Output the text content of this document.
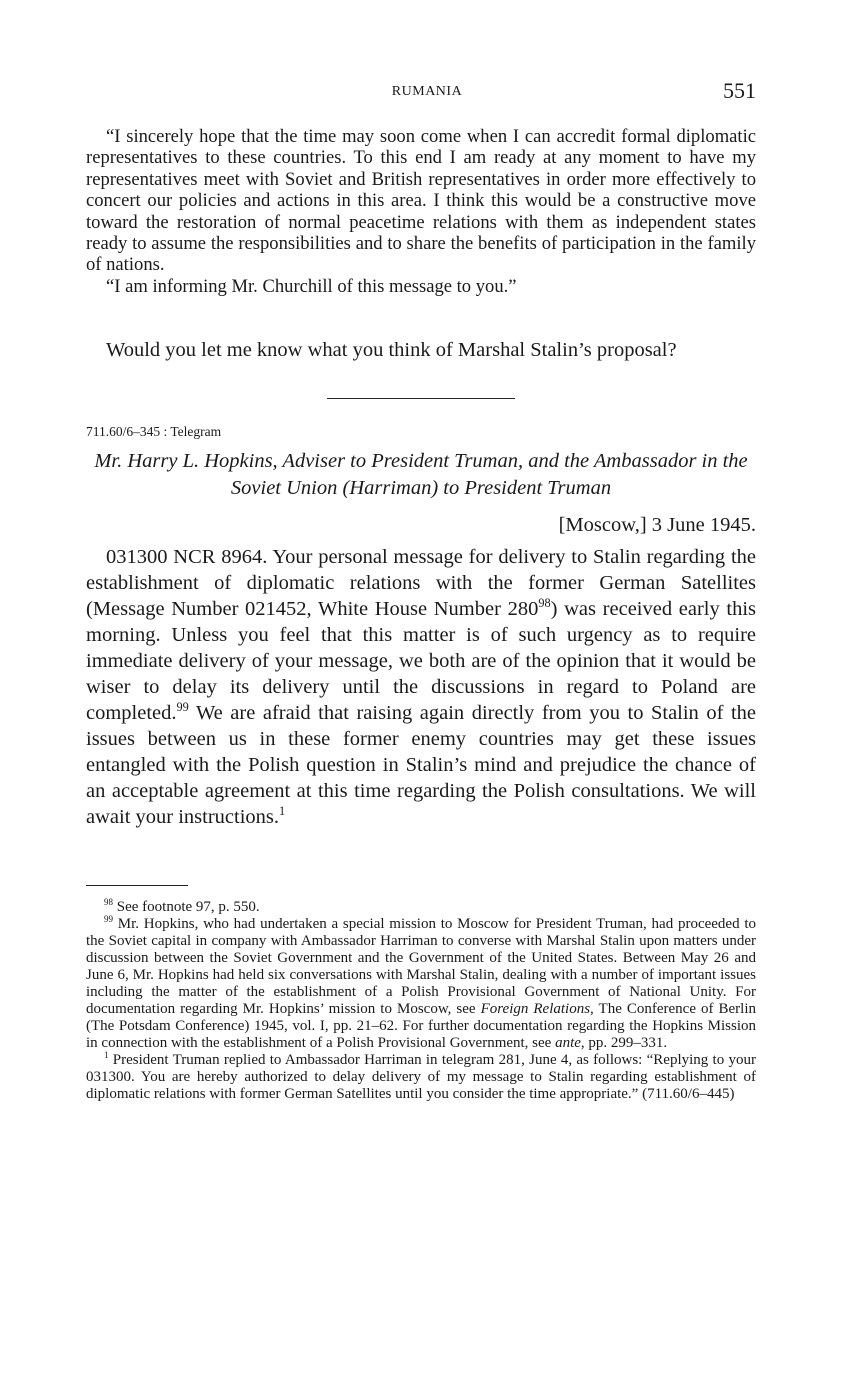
RUMANIA	551

“I sincerely hope that the time may soon come when I can accredit formal diplomatic representatives to these countries. To this end I am ready at any moment to have my representatives meet with Soviet and British representatives in order more effectively to concert our policies and actions in this area. I think this would be a constructive move toward the restoration of normal peacetime relations with them as independent states ready to assume the responsibilities and to share the benefits of participation in the family of nations.

“I am informing Mr. Churchill of this message to you.”

Would you let me know what you think of Marshal Stalin’s proposal?

711.60/6–345 : Telegram
Mr. Harry L. Hopkins, Adviser to President Truman, and the Ambassador in the Soviet Union (Harriman) to President Truman
[Moscow,] 3 June 1945.

031300 NCR 8964. Your personal message for delivery to Stalin regarding the establishment of diplomatic relations with the former German Satellites (Message Number 021452, White House Number $280^{98}$) was received early this morning. Unless you feel that this matter is of such urgency as to require immediate delivery of your message, we both are of the opinion that it would be wiser to delay its delivery until the discussions in regard to Poland are completed.$^{99}$ We are afraid that raising again directly from you to Stalin of the issues between us in these former enemy countries may get these issues entangled with the Polish question in Stalin’s mind and prejudice the chance of an acceptable agreement at this time regarding the Polish consultations. We will await your instructions.$^1$

$^{98}$ See footnote 97, p. 550.

$^{99}$ Mr. Hopkins, who had undertaken a special mission to Moscow for President Truman, had proceeded to the Soviet capital in company with Ambassador Harriman to converse with Marshal Stalin upon matters under discussion between the Soviet Government and the Government of the United States. Between May 26 and June 6, Mr. Hopkins had held six conversations with Marshal Stalin, dealing with a number of important issues including the matter of the establishment of a Polish Provisional Government of National Unity. For documentation regarding Mr. Hopkins’ mission to Moscow, see Foreign Relations, The Conference of Berlin (The Potsdam Conference) 1945, vol. I, pp. 21–62. For further documentation regarding the Hopkins Mission in connection with the establishment of a Polish Provisional Government, see ante, pp. 299–331.

$^1$ President Truman replied to Ambassador Harriman in telegram 281, June 4, as follows: “Replying to your 031300. You are hereby authorized to delay delivery of my message to Stalin regarding establishment of diplomatic relations with former German Satellites until you consider the time appropriate.” (711.60/6–445)
